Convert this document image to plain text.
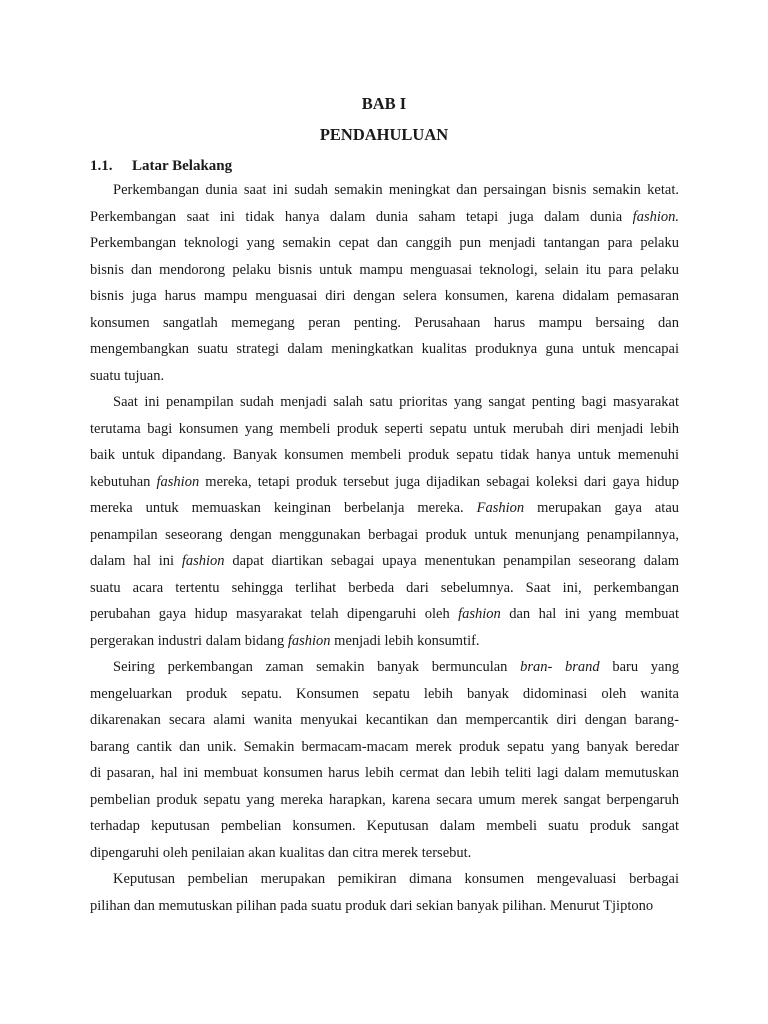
BAB I
PENDAHULUAN
1.1. Latar Belakang
Perkembangan dunia saat ini sudah semakin meningkat dan persaingan bisnis semakin ketat.
Perkembangan saat ini tidak hanya dalam dunia saham tetapi juga dalam dunia fashion.
Perkembangan teknologi yang semakin cepat dan canggih pun menjadi tantangan para pelaku
bisnis dan mendorong pelaku bisnis untuk mampu menguasai teknologi, selain itu para pelaku
bisnis juga harus mampu menguasai diri dengan selera konsumen, karena didalam pemasaran
konsumen sangatlah memegang peran penting. Perusahaan harus mampu bersaing dan
mengembangkan suatu strategi dalam meningkatkan kualitas produknya guna untuk mencapai
suatu tujuan.
Saat ini penampilan sudah menjadi salah satu prioritas yang sangat penting bagi masyarakat
terutama bagi konsumen yang membeli produk seperti sepatu untuk merubah diri menjadi lebih
baik untuk dipandang. Banyak konsumen membeli produk sepatu tidak hanya untuk memenuhi
kebutuhan fashion mereka, tetapi produk tersebut juga dijadikan sebagai koleksi dari gaya hidup
mereka untuk memuaskan keinginan berbelanja mereka. Fashion merupakan gaya atau
penampilan seseorang dengan menggunakan berbagai produk untuk menunjang penampilannya,
dalam hal ini fashion dapat diartikan sebagai upaya menentukan penampilan seseorang dalam
suatu acara tertentu sehingga terlihat berbeda dari sebelumnya. Saat ini, perkembangan
perubahan gaya hidup masyarakat telah dipengaruhi oleh fashion dan hal ini yang membuat
pergerakan industri dalam bidang fashion menjadi lebih konsumtif.
Seiring perkembangan zaman semakin banyak bermunculan bran- brand baru yang
mengeluarkan produk sepatu. Konsumen sepatu lebih banyak didominasi oleh wanita
dikarenakan secara alami wanita menyukai kecantikan dan mempercantik diri dengan barang-
barang cantik dan unik. Semakin bermacam-macam merek produk sepatu yang banyak beredar
di pasaran, hal ini membuat konsumen harus lebih cermat dan lebih teliti lagi dalam memutuskan
pembelian produk sepatu yang mereka harapkan, karena secara umum merek sangat berpengaruh
terhadap keputusan pembelian konsumen. Keputusan dalam membeli suatu produk sangat
dipengaruhi oleh penilaian akan kualitas dan citra merek tersebut.
Keputusan pembelian merupakan pemikiran dimana konsumen mengevaluasi berbagai
pilihan dan memutuskan pilihan pada suatu produk dari sekian banyak pilihan. Menurut Tjiptono
